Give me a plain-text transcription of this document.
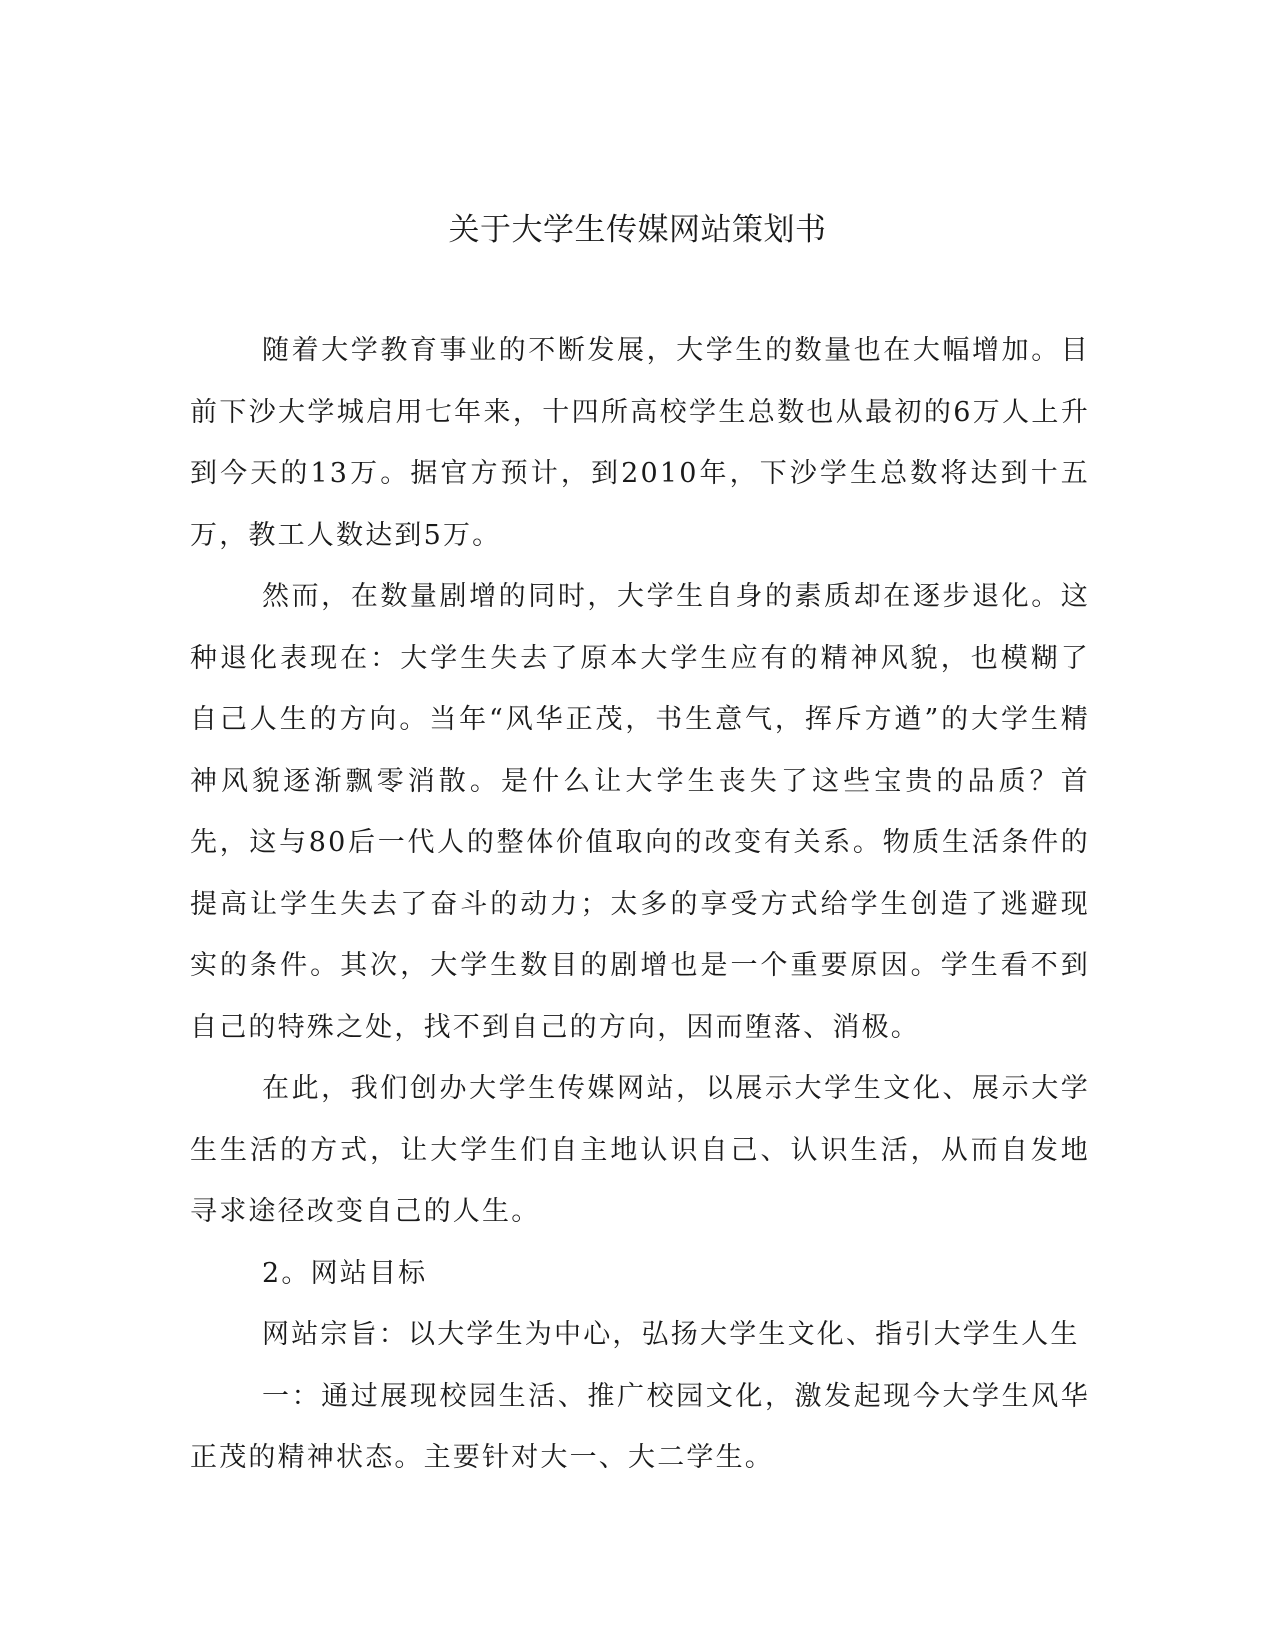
关于大学生传媒网站策划书

随着大学教育事业的不断发展，大学生的数量也在大幅增加。目前下沙大学城启用七年来，十四所高校学生总数也从最初的6万人上升到今天的13万。据官方预计，到2010年，下沙学生总数将达到十五万，教工人数达到5万。

然而，在数量剧增的同时，大学生自身的素质却在逐步退化。这种退化表现在：大学生失去了原本大学生应有的精神风貌，也模糊了自己人生的方向。当年“风华正茂，书生意气，挥斥方遒”的大学生精神风貌逐渐飘零消散。是什么让大学生丧失了这些宝贵的品质？首先，这与80后一代人的整体价值取向的改变有关系。物质生活条件的提高让学生失去了奋斗的动力；太多的享受方式给学生创造了逃避现实的条件。其次，大学生数目的剧增也是一个重要原因。学生看不到自己的特殊之处，找不到自己的方向，因而堕落、消极。

在此，我们创办大学生传媒网站，以展示大学生文化、展示大学生生活的方式，让大学生们自主地认识自己、认识生活，从而自发地寻求途径改变自己的人生。

2。网站目标

网站宗旨：以大学生为中心，弘扬大学生文化、指引大学生人生

一：通过展现校园生活、推广校园文化，激发起现今大学生风华正茂的精神状态。主要针对大一、大二学生。
